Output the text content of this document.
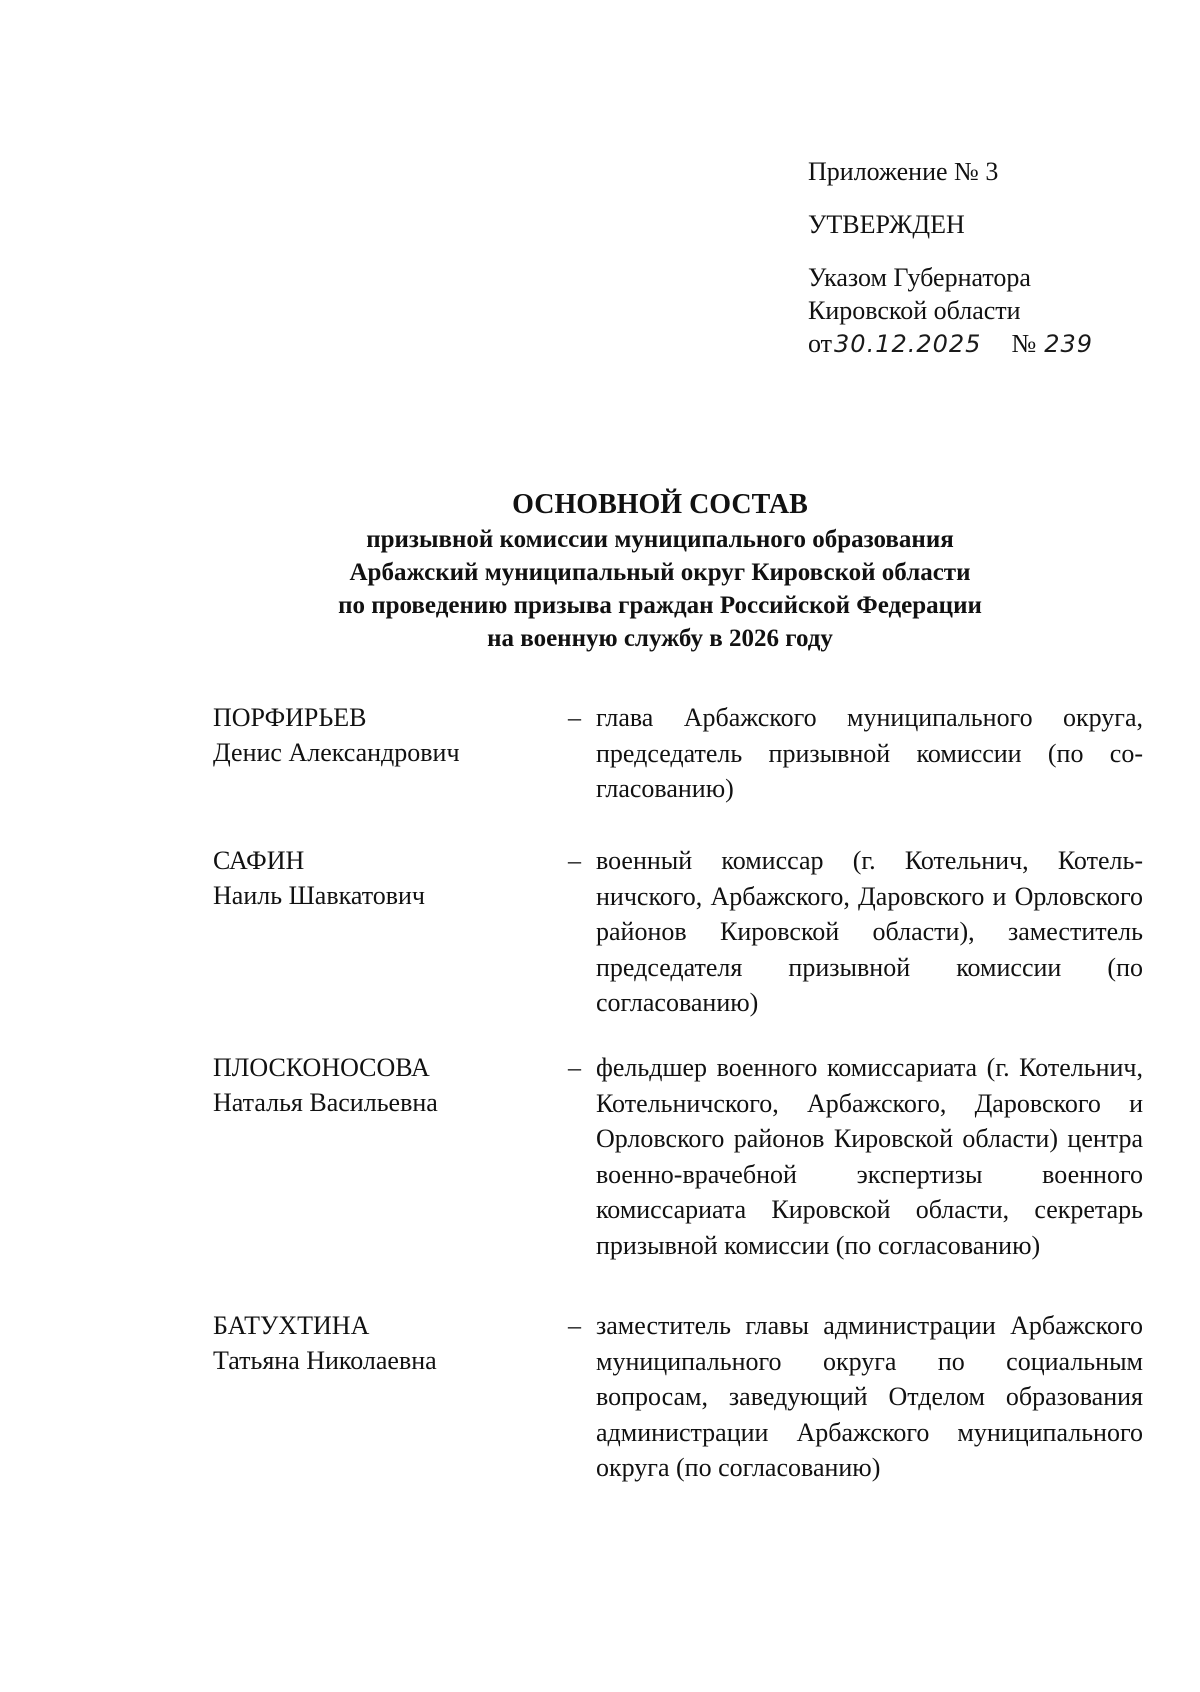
Приложение № 3
УТВЕРЖДЕН
Указом Губернатора
Кировской области
от30.12.2025 № 239
ОСНОВНОЙ СОСТАВ
призывной комиссии муниципального образования
Арбажский муниципальный округ Кировской области
по проведению призыва граждан Российской Федерации
на военную службу в 2026 году
ПОРФИРЬЕВ
Денис Александрович
– глава Арбажского муниципального округа, председатель призывной комиссии (по согласованию)
САФИН
Наиль Шавкатович
– военный комиссар (г. Котельнич, Котельничского, Арбажского, Даровского и Орловского районов Кировской области), заместитель председателя призывной комиссии (по согласованию)
ПЛОСКОНОСОВА
Наталья Васильевна
– фельдшер военного комиссариата (г. Котельнич, Котельничского, Арбажского, Даровского и Орловского районов Кировской области) центра военно-врачебной экспертизы военного комиссариата Кировской области, секретарь призывной комиссии (по согласованию)
БАТУХТИНА
Татьяна Николаевна
– заместитель главы администрации Арбажского муниципального округа по социальным вопросам, заведующий Отделом образования администрации Арбажского муниципального округа (по согласованию)
